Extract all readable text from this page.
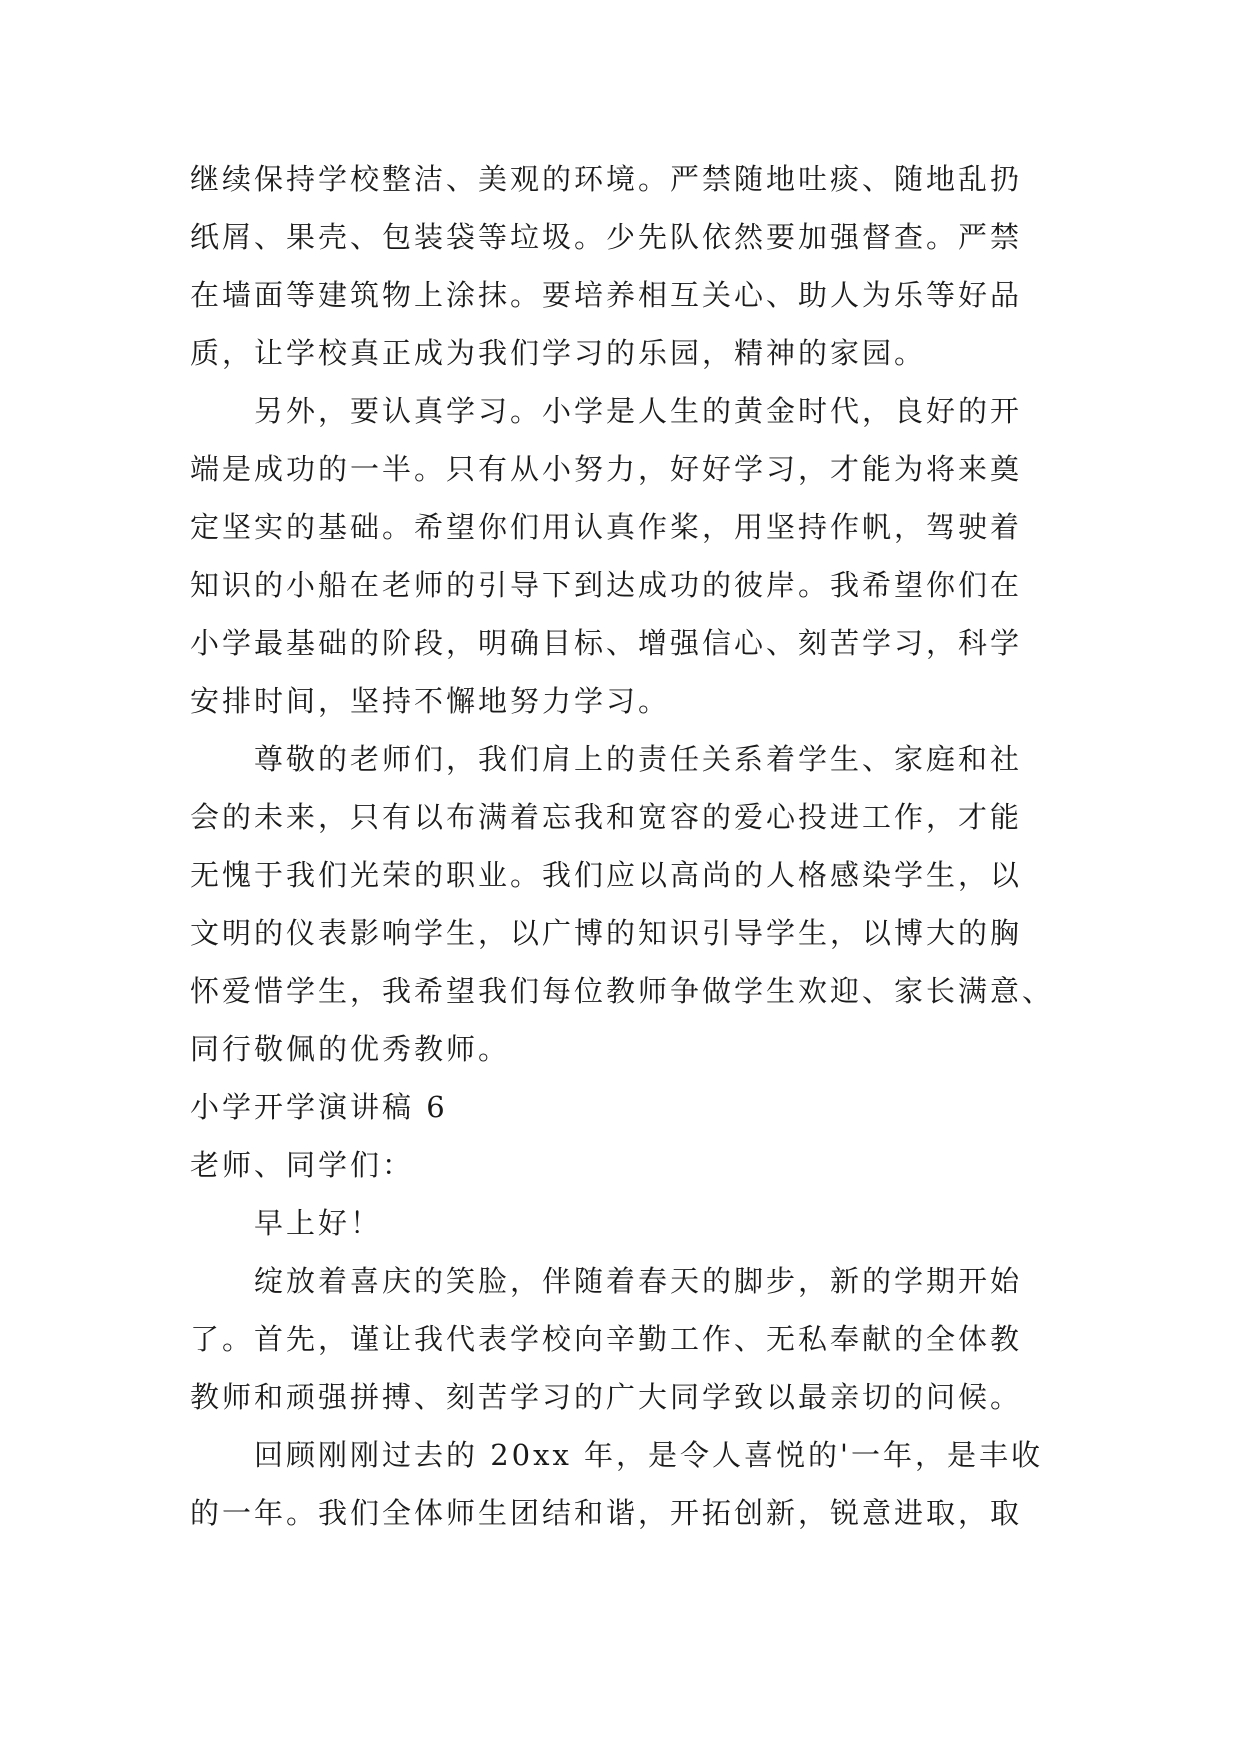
继续保持学校整洁、美观的环境。严禁随地吐痰、随地乱扔
纸屑、果壳、包装袋等垃圾。少先队依然要加强督查。严禁
在墙面等建筑物上涂抹。要培养相互关心、助人为乐等好品
质，让学校真正成为我们学习的乐园，精神的家园。
另外，要认真学习。小学是人生的黄金时代，良好的开
端是成功的一半。只有从小努力，好好学习，才能为将来奠
定坚实的基础。希望你们用认真作桨，用坚持作帆，驾驶着
知识的小船在老师的引导下到达成功的彼岸。我希望你们在
小学最基础的阶段，明确目标、增强信心、刻苦学习，科学
安排时间，坚持不懈地努力学习。
尊敬的老师们，我们肩上的责任关系着学生、家庭和社
会的未来，只有以布满着忘我和宽容的爱心投进工作，才能
无愧于我们光荣的职业。我们应以高尚的人格感染学生，以
文明的仪表影响学生，以广博的知识引导学生，以博大的胸
怀爱惜学生，我希望我们每位教师争做学生欢迎、家长满意、
同行敬佩的优秀教师。
小学开学演讲稿 6
老师、同学们：
早上好！
绽放着喜庆的笑脸，伴随着春天的脚步，新的学期开始
了。首先，谨让我代表学校向辛勤工作、无私奉献的全体教
教师和顽强拼搏、刻苦学习的广大同学致以最亲切的问候。
回顾刚刚过去的 20xx 年，是令人喜悦的'一年，是丰收
的一年。我们全体师生团结和谐，开拓创新，锐意进取，取
